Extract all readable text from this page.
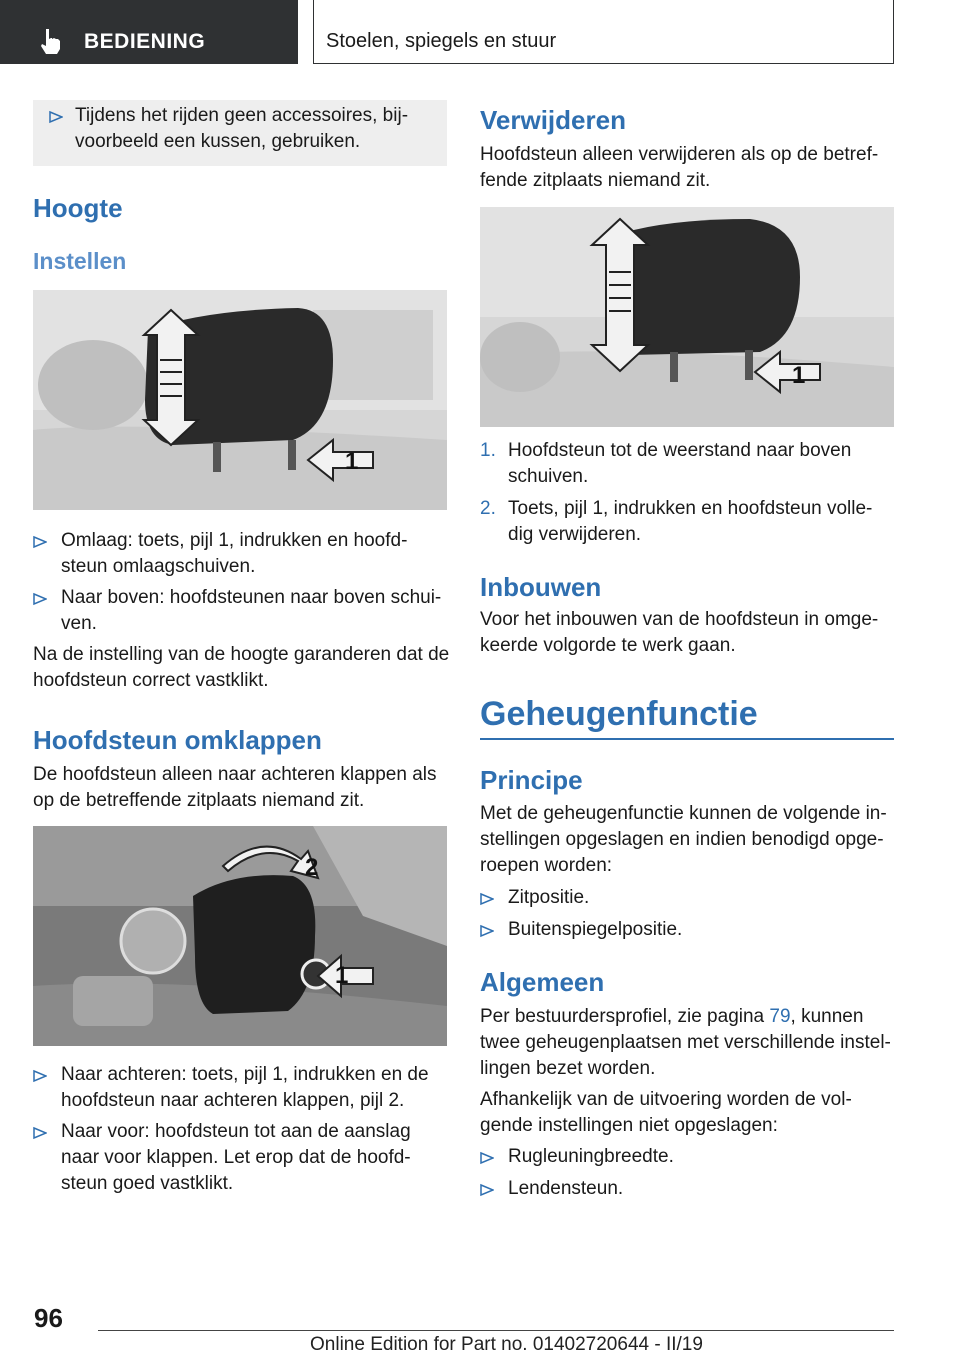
BEDIENING	Stoelen, spiegels en stuur
Tijdens het rijden geen accessoires, bij-
voorbeeld een kussen, gebruiken.
Hoogte
Instellen
1
Omlaag: toets, pijl 1, indrukken en hoofd-
steun omlaagschuiven.
Naar boven: hoofdsteunen naar boven schui-
ven.
Na de instelling van de hoogte garanderen dat de
hoofdsteun correct vastklikt.
Hoofdsteun omklappen
De hoofdsteun alleen naar achteren klappen als
op de betreffende zitplaats niemand zit.
2
1
Naar achteren: toets, pijl 1, indrukken en de
hoofdsteun naar achteren klappen, pijl 2.
Naar voor: hoofdsteun tot aan de aanslag
naar voor klappen. Let erop dat de hoofd-
steun goed vastklikt.
Verwijderen
Hoofdsteun alleen verwijderen als op de betref-
fende zitplaats niemand zit.
1
1. Hoofdsteun tot de weerstand naar boven
schuiven.
2. Toets, pijl 1, indrukken en hoofdsteun volle-
dig verwijderen.
Inbouwen
Voor het inbouwen van de hoofdsteun in omge-
keerde volgorde te werk gaan.
Geheugenfunctie
Principe
Met de geheugenfunctie kunnen de volgende in-
stellingen opgeslagen en indien benodigd opge-
roepen worden:
Zitpositie.
Buitenspiegelpositie.
Algemeen
Per bestuurdersprofiel, zie pagina 79, kunnen
twee geheugenplaatsen met verschillende instel-
lingen bezet worden.
Afhankelijk van de uitvoering worden de vol-
gende instellingen niet opgeslagen:
Rugleuningbreedte.
Lendensteun.
96
Online Edition for Part no. 01402720644 - II/19
